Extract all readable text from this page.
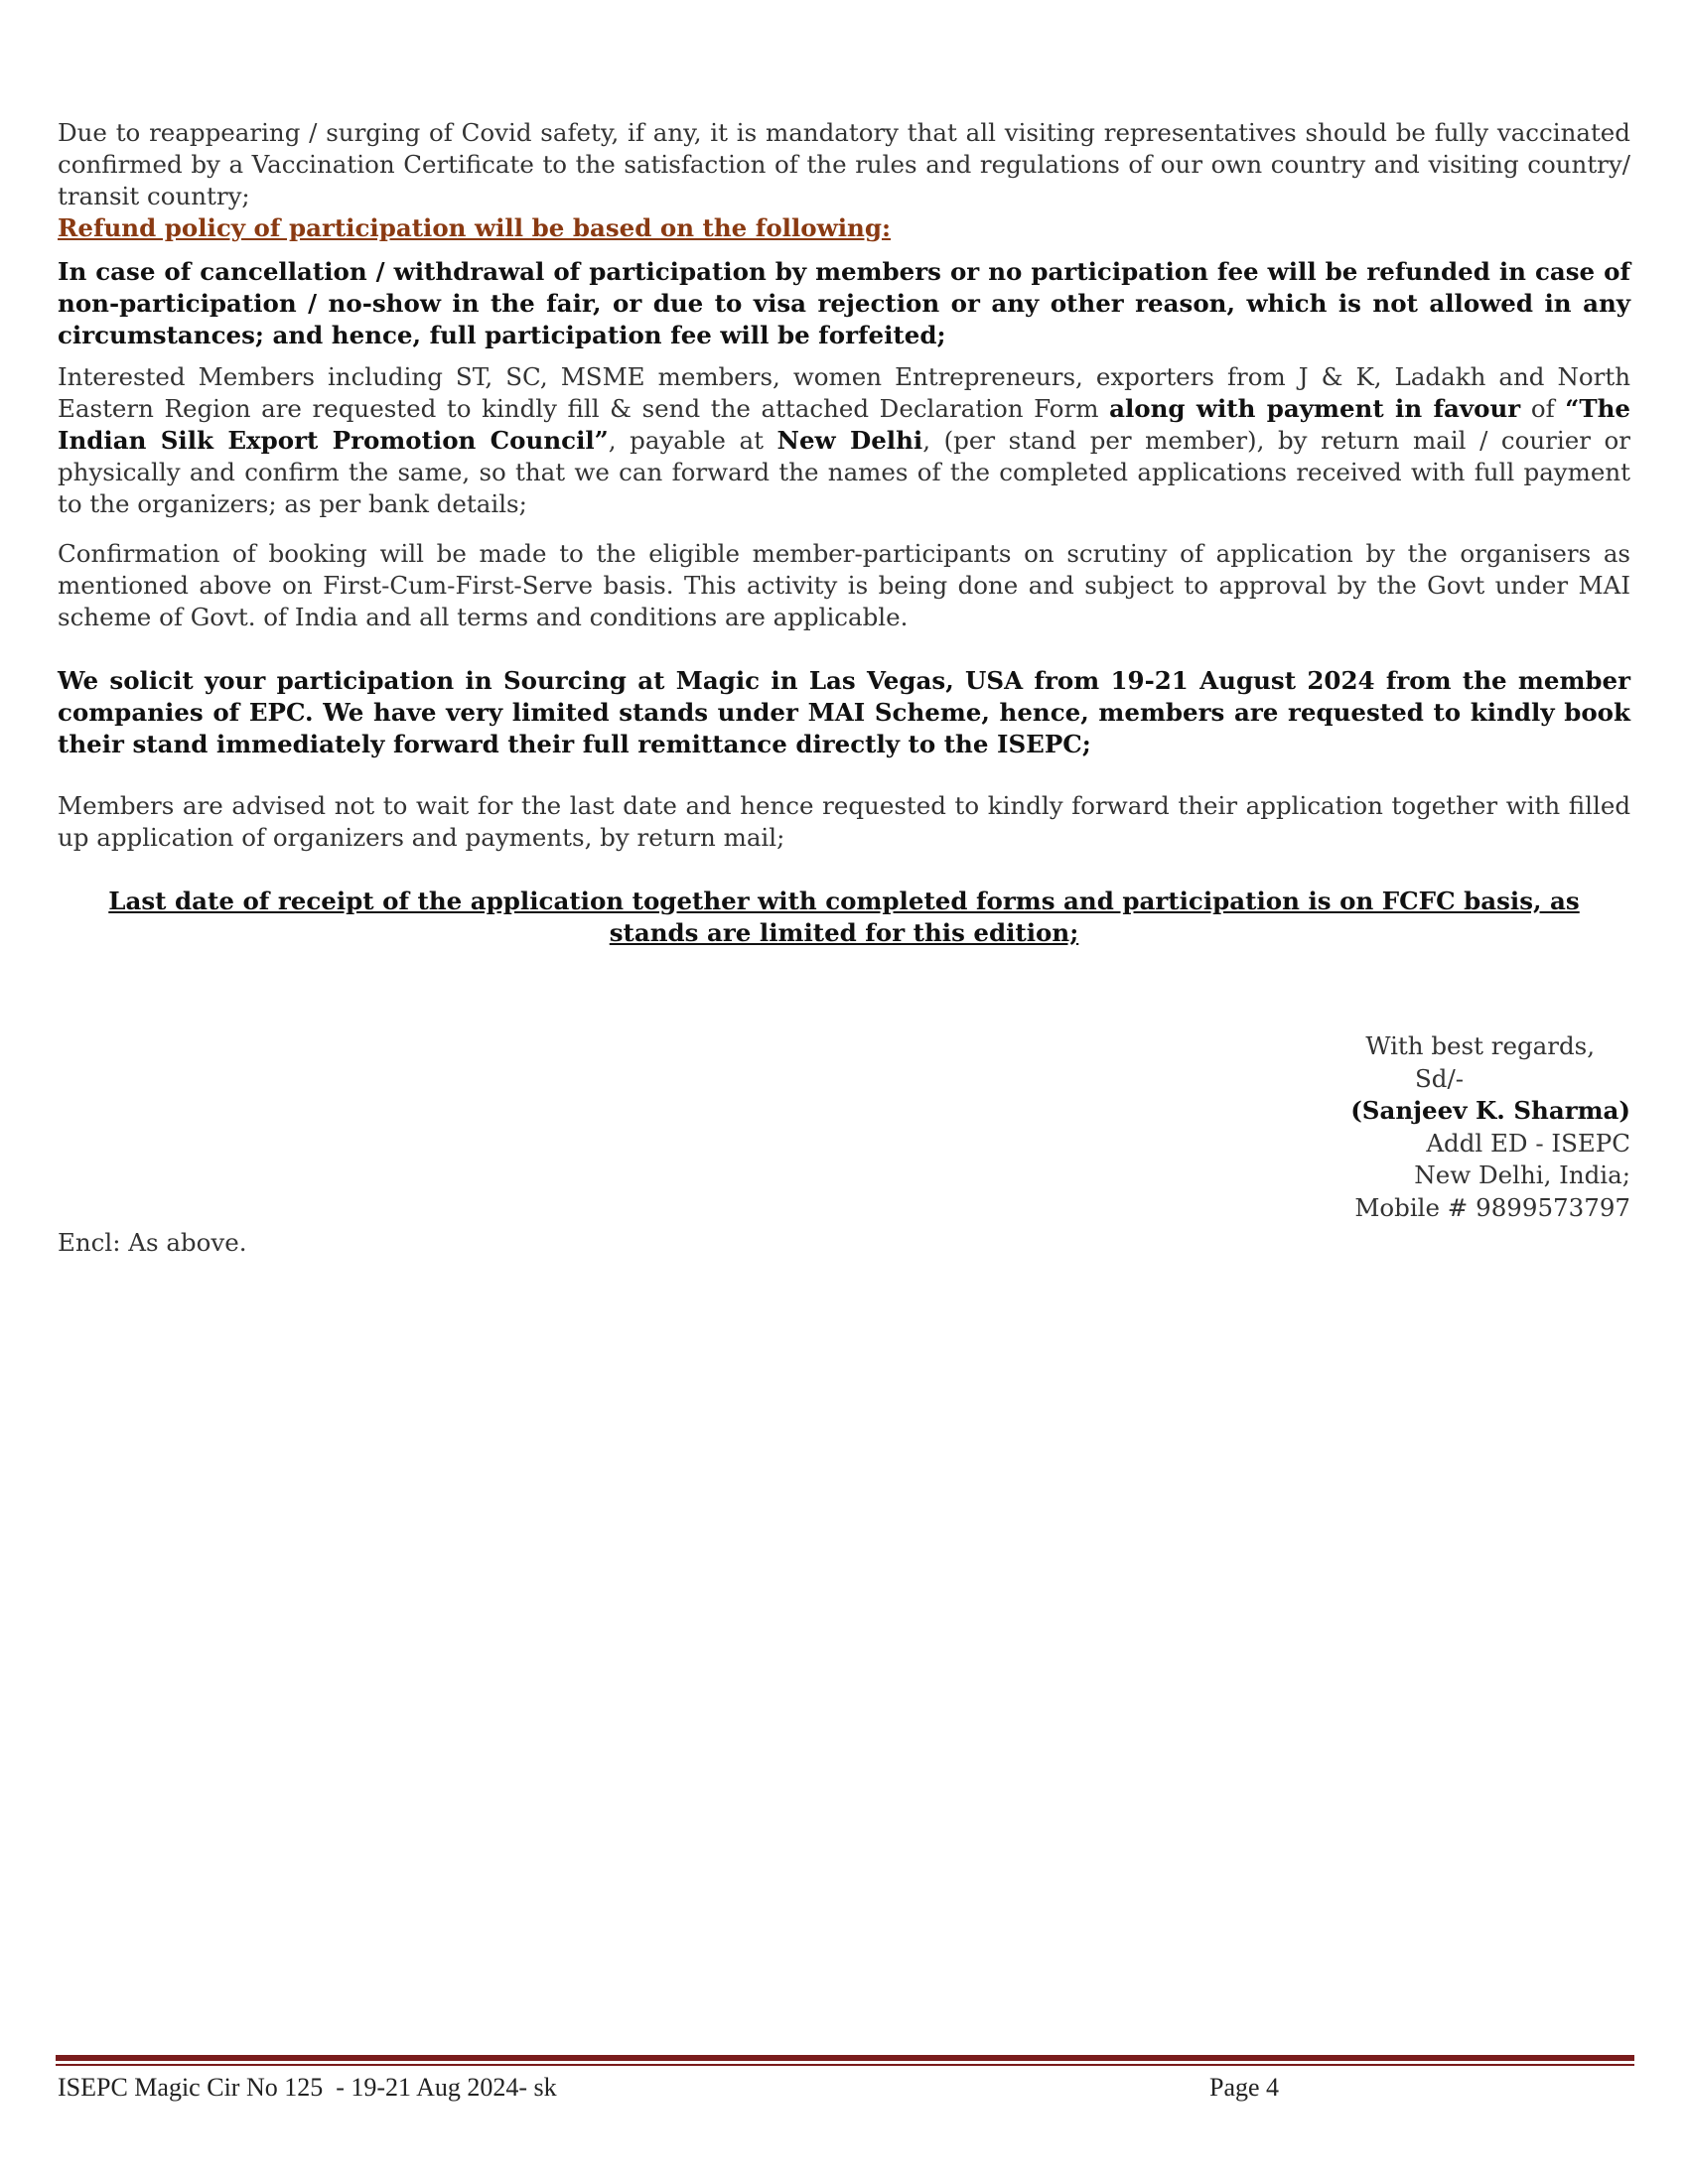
Due to reappearing / surging of Covid safety, if any, it is mandatory that all visiting representatives should be fully vaccinated confirmed by a Vaccination Certificate to the satisfaction of the rules and regulations of our own country and visiting country/ transit country;

Refund policy of participation will be based on the following:

In case of cancellation / withdrawal of participation by members or no participation fee will be refunded in case of non-participation / no-show in the fair, or due to visa rejection or any other reason, which is not allowed in any circumstances; and hence, full participation fee will be forfeited;

Interested Members including ST, SC, MSME members, women Entrepreneurs, exporters from J & K, Ladakh and North Eastern Region are requested to kindly fill & send the attached Declaration Form along with payment in favour of “The Indian Silk Export Promotion Council”, payable at New Delhi, (per stand per member), by return mail / courier or physically and confirm the same, so that we can forward the names of the completed applications received with full payment to the organizers; as per bank details;

Confirmation of booking will be made to the eligible member-participants on scrutiny of application by the organisers as mentioned above on First-Cum-First-Serve basis. This activity is being done and subject to approval by the Govt under MAI scheme of Govt. of India and all terms and conditions are applicable.

We solicit your participation in Sourcing at Magic in Las Vegas, USA from 19-21 August 2024 from the member companies of EPC. We have very limited stands under MAI Scheme, hence, members are requested to kindly book their stand immediately forward their full remittance directly to the ISEPC;

Members are advised not to wait for the last date and hence requested to kindly forward their application together with filled up application of organizers and payments, by return mail;

Last date of receipt of the application together with completed forms and participation is on FCFC basis, as
stands are limited for this edition;

With best regards,
Sd/-
(Sanjeev K. Sharma)
Addl ED - ISEPC
New Delhi, India;
Mobile # 9899573797
Encl: As above.
ISEPC Magic Cir No 125  - 19-21 Aug 2024- sk	Page 4
